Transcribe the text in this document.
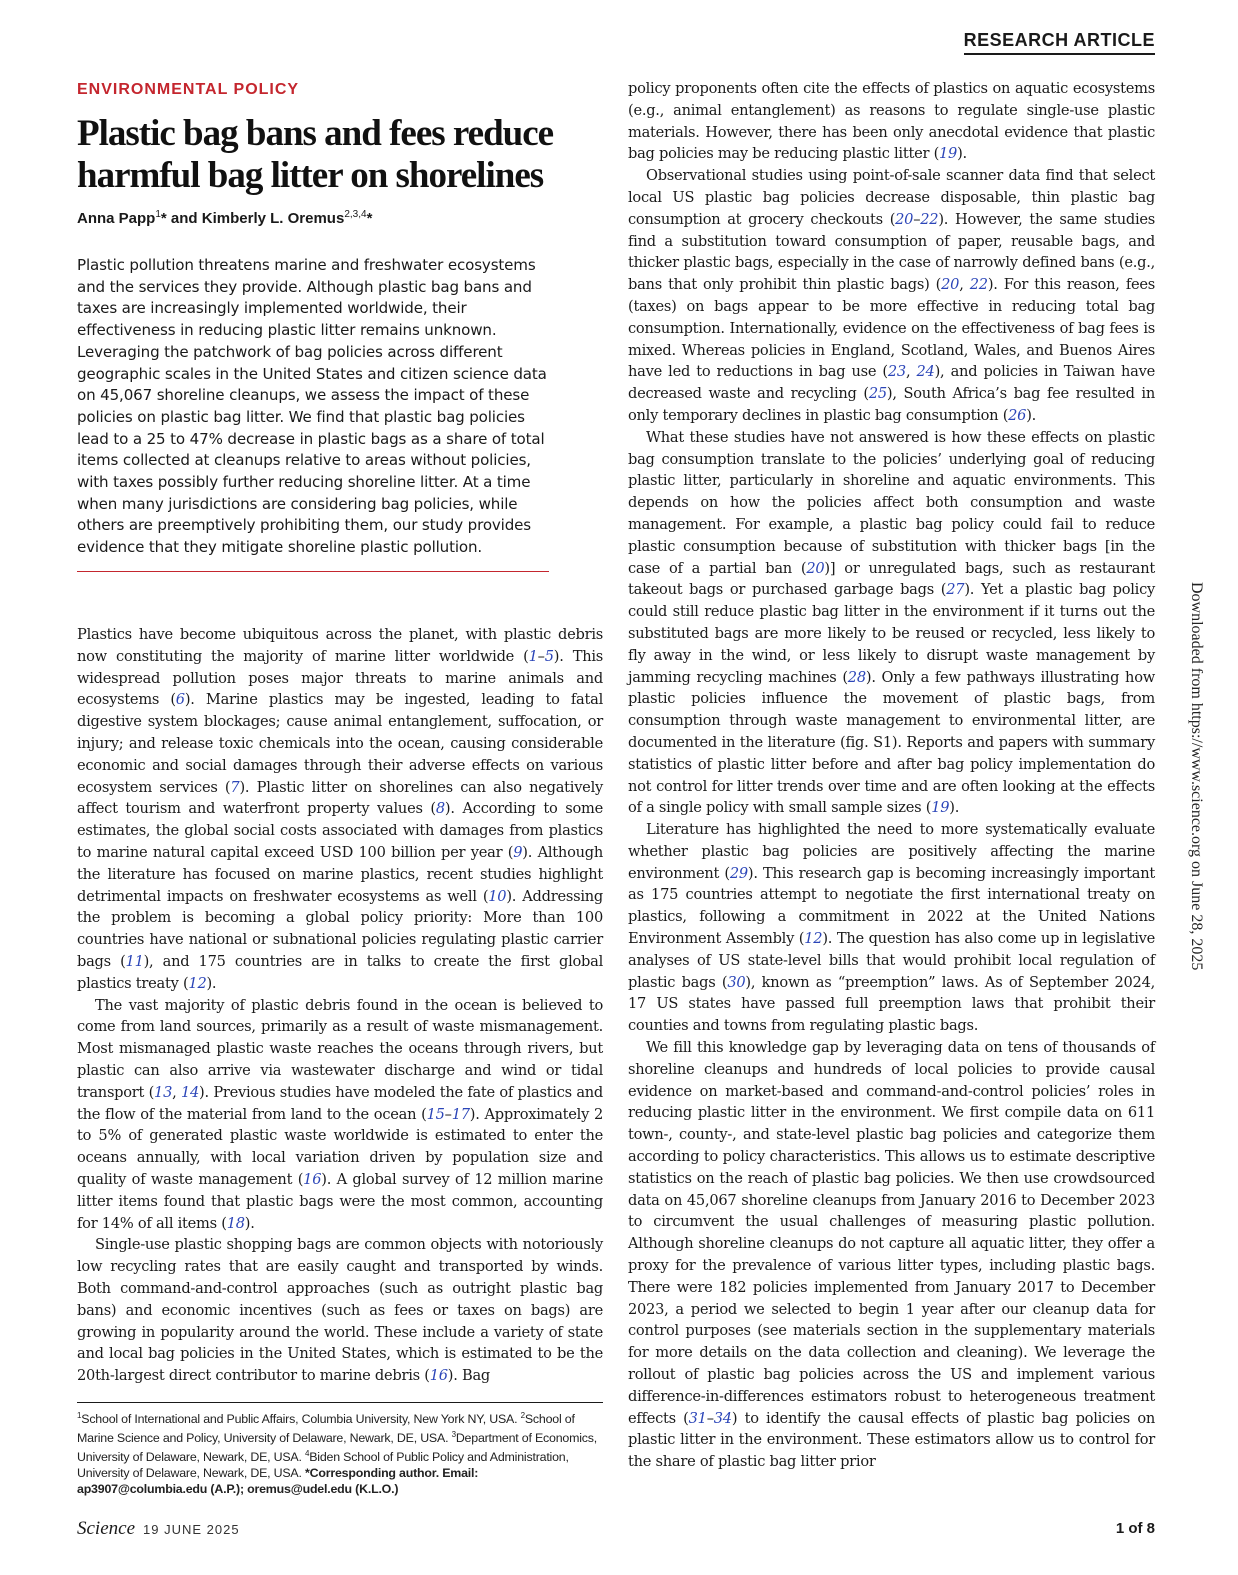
RESEARCH ARTICLE
ENVIRONMENTAL POLICY
Plastic bag bans and fees reduce harmful bag litter on shorelines
Anna Papp$^1$* and Kimberly L. Oremus$^{2,3,4}$*

Plastic pollution threatens marine and freshwater ecosystems and the services they provide. Although plastic bag bans and taxes are increasingly implemented worldwide, their effectiveness in reducing plastic litter remains unknown. Leveraging the patchwork of bag policies across different geographic scales in the United States and citizen science data on 45,067 shoreline cleanups, we assess the impact of these policies on plastic bag litter. We find that plastic bag policies lead to a 25 to 47% decrease in plastic bags as a share of total items collected at cleanups relative to areas without policies, with taxes possibly further reducing shoreline litter. At a time when many jurisdictions are considering bag policies, while others are preemptively prohibiting them, our study provides evidence that they mitigate shoreline plastic pollution.

Plastics have become ubiquitous across the planet, with plastic debris now constituting the majority of marine litter worldwide (1–5). This widespread pollution poses major threats to marine animals and ecosystems (6). Marine plastics may be ingested, leading to fatal digestive system blockages; cause animal entanglement, suffocation, or injury; and release toxic chemicals into the ocean, causing considerable economic and social damages through their adverse effects on various ecosystem services (7). Plastic litter on shorelines can also negatively affect tourism and waterfront property values (8). According to some estimates, the global social costs associated with damages from plastics to marine natural capital exceed USD 100 billion per year (9). Although the literature has focused on marine plastics, recent studies highlight detrimental impacts on freshwater ecosystems as well (10). Addressing the problem is becoming a global policy priority: More than 100 countries have national or subnational policies regulating plastic carrier bags (11), and 175 countries are in talks to create the first global plastics treaty (12).

The vast majority of plastic debris found in the ocean is believed to come from land sources, primarily as a result of waste mismanagement. Most mismanaged plastic waste reaches the oceans through rivers, but plastic can also arrive via wastewater discharge and wind or tidal transport (13, 14). Previous studies have modeled the fate of plastics and the flow of the material from land to the ocean (15–17). Approximately 2 to 5% of generated plastic waste worldwide is estimated to enter the oceans annually, with local variation driven by population size and quality of waste management (16). A global survey of 12 million marine litter items found that plastic bags were the most common, accounting for 14% of all items (18).

Single-use plastic shopping bags are common objects with notoriously low recycling rates that are easily caught and transported by winds. Both command-and-control approaches (such as outright plastic bag bans) and economic incentives (such as fees or taxes on bags) are growing in popularity around the world. These include a variety of state and local bag policies in the United States, which is estimated to be the 20th-largest direct contributor to marine debris (16). Bag

$^1$School of International and Public Affairs, Columbia University, New York NY, USA. $^2$School of Marine Science and Policy, University of Delaware, Newark, DE, USA. $^3$Department of Economics, University of Delaware, Newark, DE, USA. $^4$Biden School of Public Policy and Administration, University of Delaware, Newark, DE, USA. *Corresponding author. Email: ap3907@columbia.edu (A.P.); oremus@udel.edu (K.L.O.)

policy proponents often cite the effects of plastics on aquatic ecosystems (e.g., animal entanglement) as reasons to regulate single-use plastic materials. However, there has been only anecdotal evidence that plastic bag policies may be reducing plastic litter (19).

Observational studies using point-of-sale scanner data find that select local US plastic bag policies decrease disposable, thin plastic bag consumption at grocery checkouts (20–22). However, the same studies find a substitution toward consumption of paper, reusable bags, and thicker plastic bags, especially in the case of narrowly defined bans (e.g., bans that only prohibit thin plastic bags) (20, 22). For this reason, fees (taxes) on bags appear to be more effective in reducing total bag consumption. Internationally, evidence on the effectiveness of bag fees is mixed. Whereas policies in England, Scotland, Wales, and Buenos Aires have led to reductions in bag use (23, 24), and policies in Taiwan have decreased waste and recycling (25), South Africa’s bag fee resulted in only temporary declines in plastic bag consumption (26).

What these studies have not answered is how these effects on plastic bag consumption translate to the policies’ underlying goal of reducing plastic litter, particularly in shoreline and aquatic environments. This depends on how the policies affect both consumption and waste management. For example, a plastic bag policy could fail to reduce plastic consumption because of substitution with thicker bags [in the case of a partial ban (20)] or unregulated bags, such as restaurant takeout bags or purchased garbage bags (27). Yet a plastic bag policy could still reduce plastic bag litter in the environment if it turns out the substituted bags are more likely to be reused or recycled, less likely to fly away in the wind, or less likely to disrupt waste management by jamming recycling machines (28). Only a few pathways illustrating how plastic policies influence the movement of plastic bags, from consumption through waste management to environmental litter, are documented in the literature (fig. S1). Reports and papers with summary statistics of plastic litter before and after bag policy implementation do not control for litter trends over time and are often looking at the effects of a single policy with small sample sizes (19).

Literature has highlighted the need to more systematically evaluate whether plastic bag policies are positively affecting the marine environment (29). This research gap is becoming increasingly important as 175 countries attempt to negotiate the first international treaty on plastics, following a commitment in 2022 at the United Nations Environment Assembly (12). The question has also come up in legislative analyses of US state-level bills that would prohibit local regulation of plastic bags (30), known as “preemption” laws. As of September 2024, 17 US states have passed full preemption laws that prohibit their counties and towns from regulating plastic bags.

We fill this knowledge gap by leveraging data on tens of thousands of shoreline cleanups and hundreds of local policies to provide causal evidence on market-based and command-and-control policies’ roles in reducing plastic litter in the environment. We first compile data on 611 town-, county-, and state-level plastic bag policies and categorize them according to policy characteristics. This allows us to estimate descriptive statistics on the reach of plastic bag policies. We then use crowdsourced data on 45,067 shoreline cleanups from January 2016 to December 2023 to circumvent the usual challenges of measuring plastic pollution. Although shoreline cleanups do not capture all aquatic litter, they offer a proxy for the prevalence of various litter types, including plastic bags. There were 182 policies implemented from January 2017 to December 2023, a period we selected to begin 1 year after our cleanup data for control purposes (see materials section in the supplementary materials for more details on the data collection and cleaning). We leverage the rollout of plastic bag policies across the US and implement various difference-in-differences estimators robust to heterogeneous treatment effects (31–34) to identify the causal effects of plastic bag policies on plastic litter in the environment. These estimators allow us to control for the share of plastic bag litter prior

Science 19 JUNE 2025	1 of 8
Downloaded from https://www.science.org on June 28, 2025
